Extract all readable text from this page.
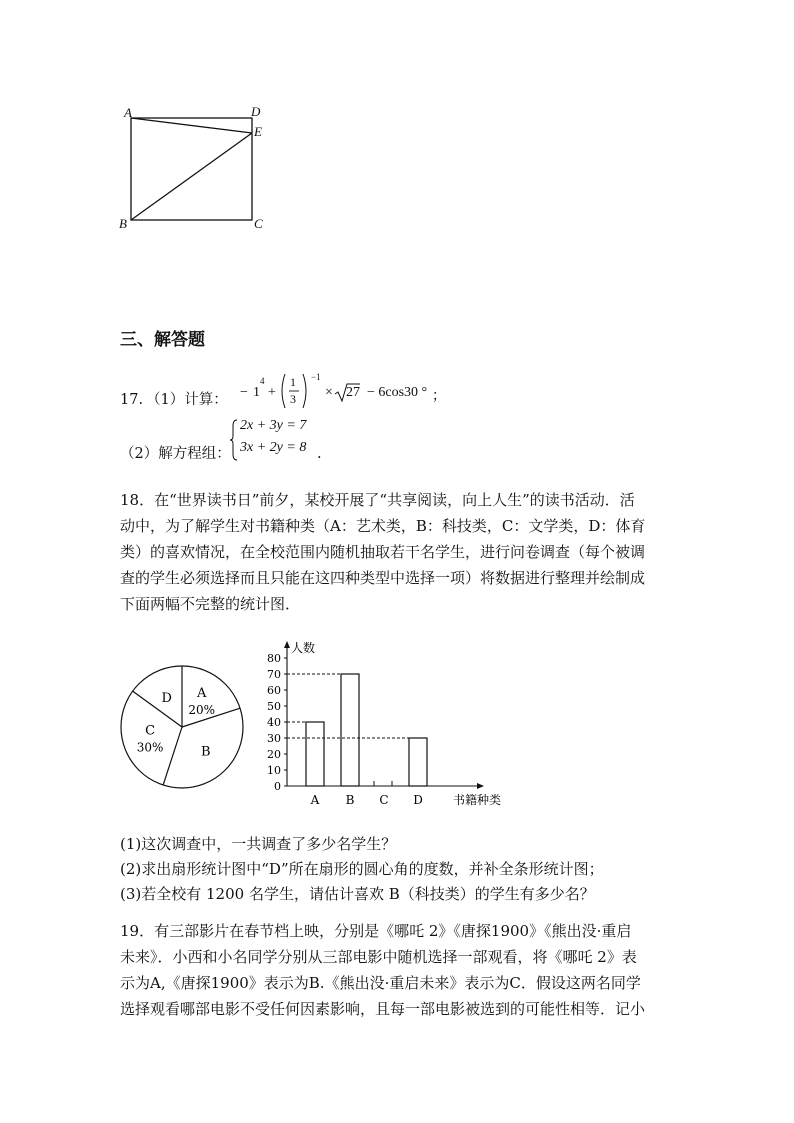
A	D
E
B	C
三、解答题
17. （1）计算： − 1
4
+
1
3
−1
× 27 − 6cos30 ° ；
（2）解方程组：
2x + 3y = 7
3x + 2y = 8 .
18．在“世界读书日”前夕，某校开展了“共享阅读，向上人生”的读书活动．活
动中，为了解学生对书籍种类（A：艺术类，B：科技类，C：文学类，D：体育
类）的喜欢情况，在全校范围内随机抽取若干名学生，进行问卷调查（每个被调
查的学生必须选择而且只能在这四种类型中选择一项）将数据进行整理并绘制成
下面两幅不完整的统计图．
A
20%
B
C
30%
D
人数
书籍种类
0
10
20
30
40
50
60
70
80
A B C D
(1)这次调查中，一共调查了多少名学生？
(2)求出扇形统计图中“D”所在扇形的圆心角的度数，并补全条形统计图；
(3)若全校有 1200 名学生，请估计喜欢 B（科技类）的学生有多少名？
19．有三部影片在春节档上映，分别是《哪吒 2》《唐探1900》《熊出没·重启
未来》．小西和小名同学分别从三部电影中随机选择一部观看，将《哪吒 2》表
示为A,《唐探1900》表示为B.《熊出没·重启未来》表示为C．假设这两名同学
选择观看哪部电影不受任何因素影响，且每一部电影被选到的可能性相等．记小
